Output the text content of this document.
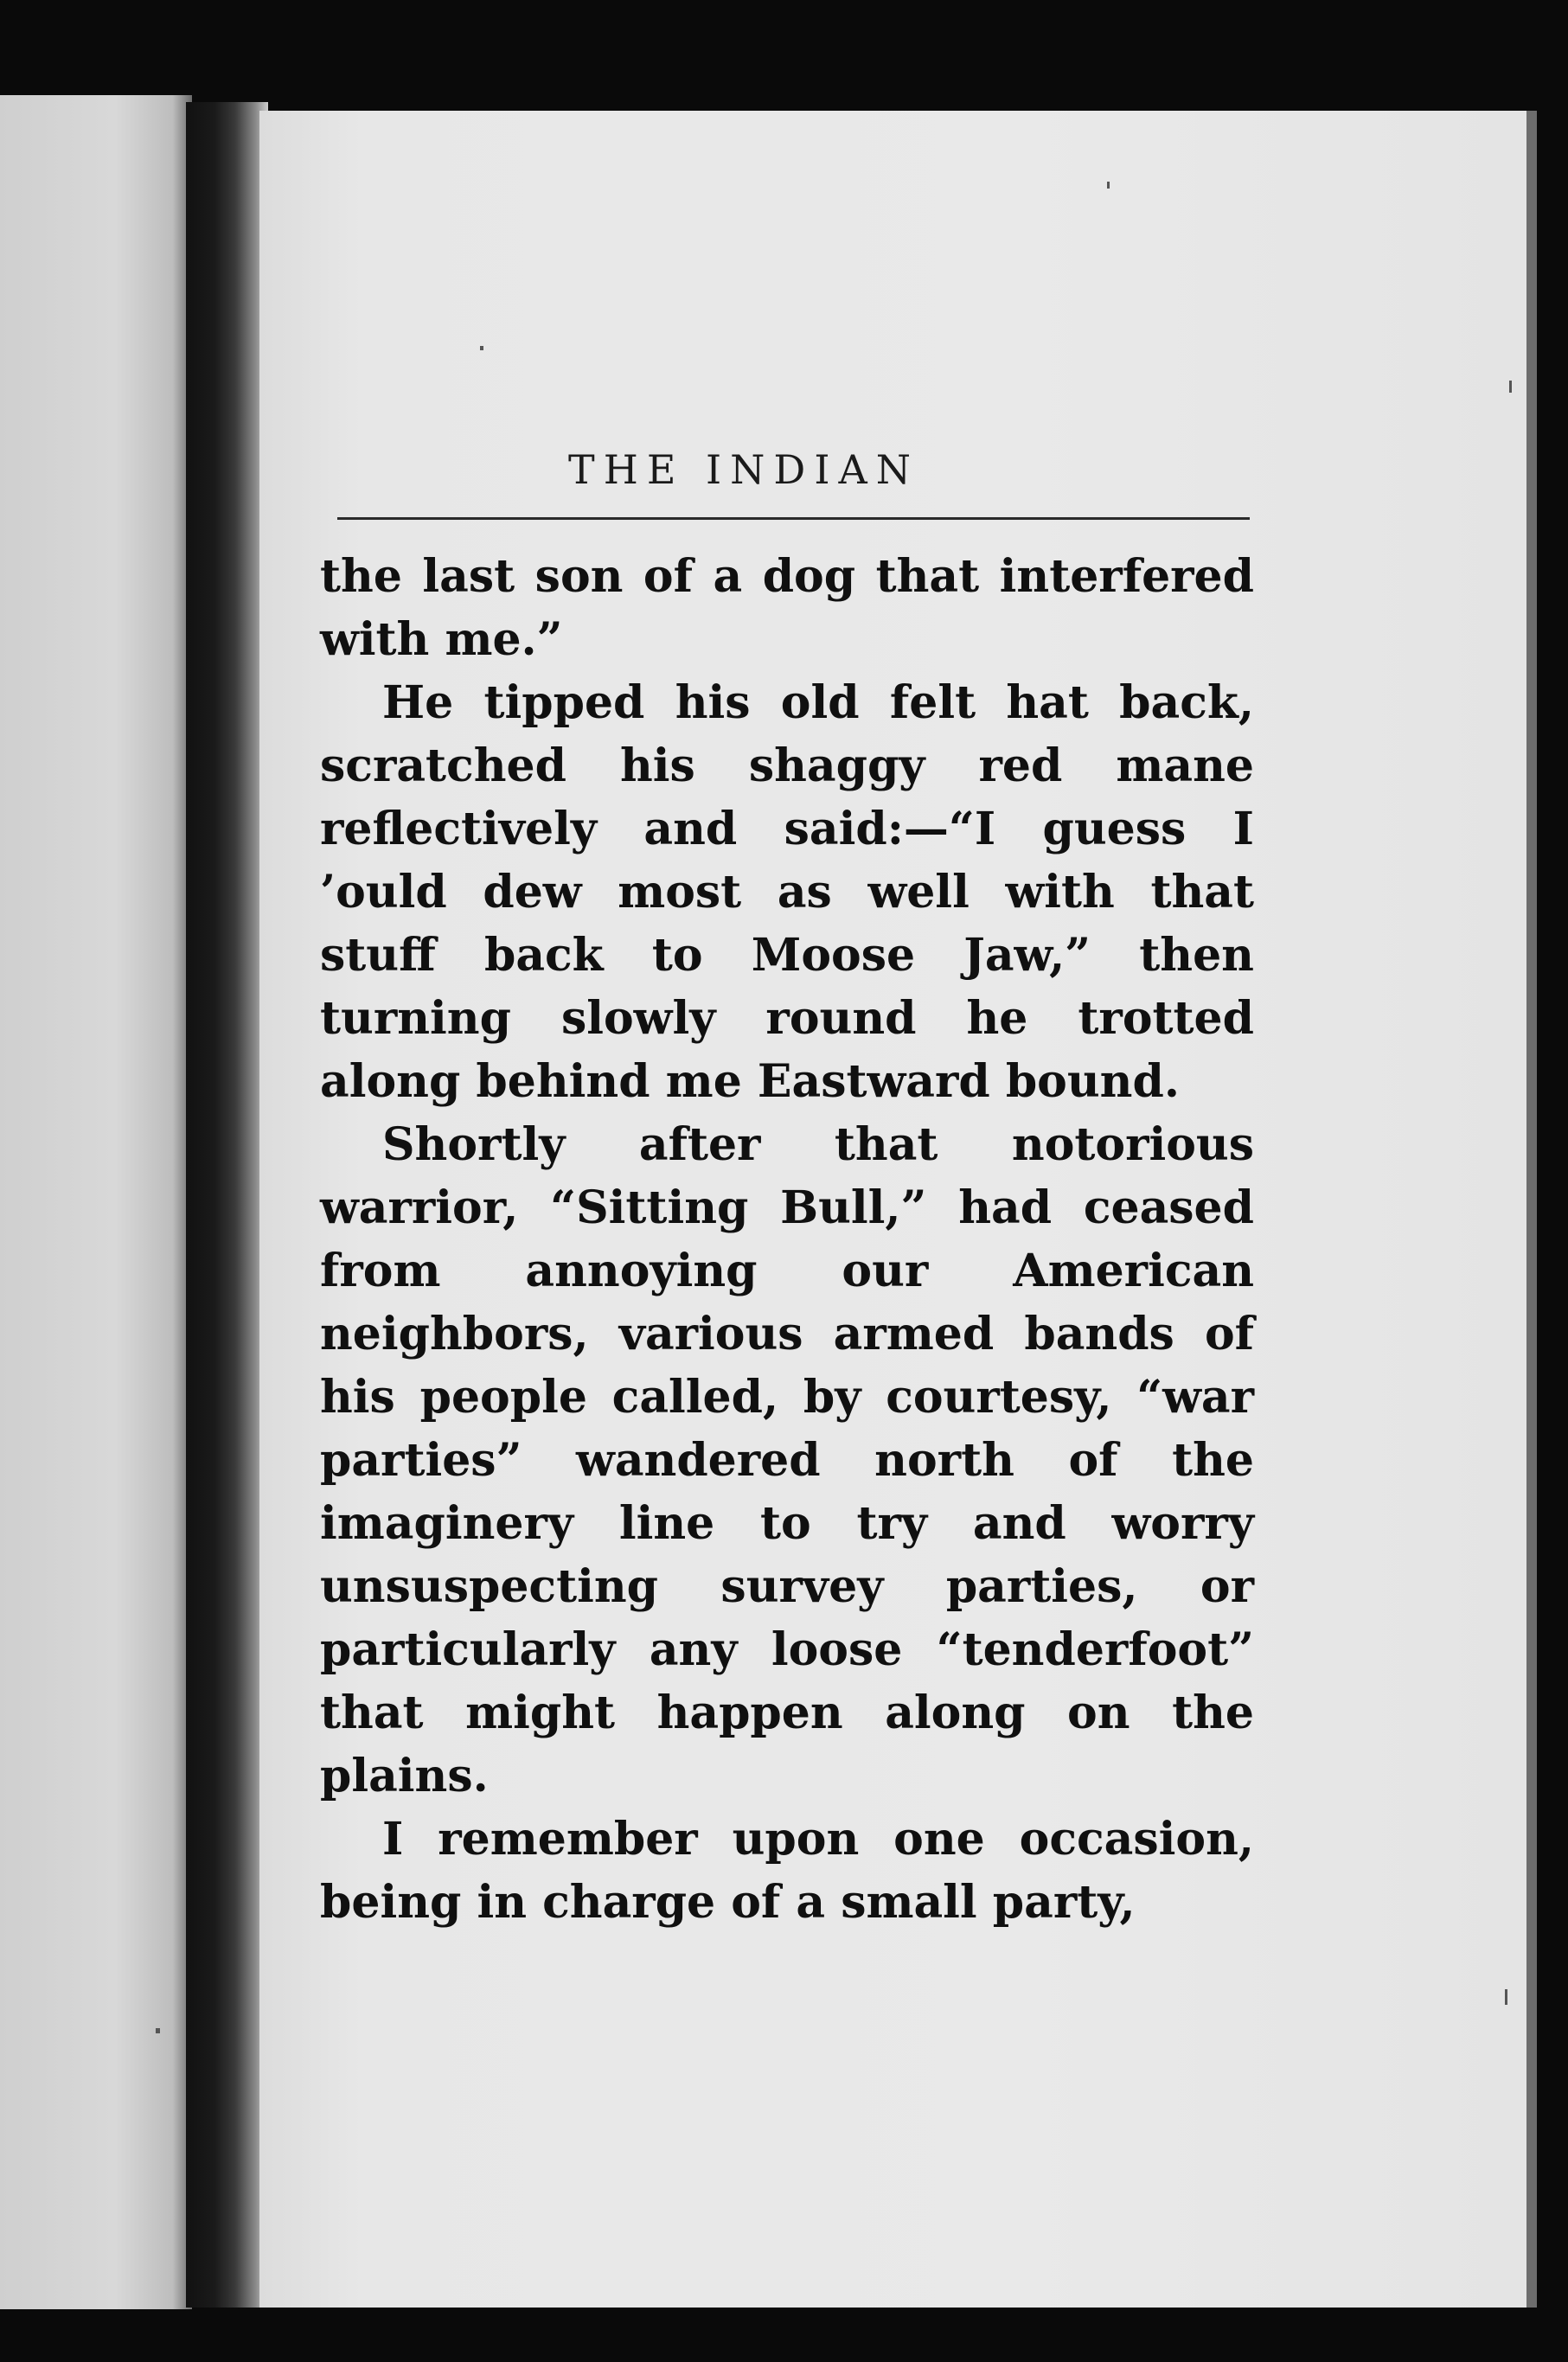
THE INDIAN

the last son of a dog that interfered with me.”

He tipped his old felt hat back, scratched his shaggy red mane reflectively and said:—“I guess I ’ould dew most as well with that stuff back to Moose Jaw,” then turning slowly round he trotted along behind me Eastward bound.

Shortly after that notorious warrior, “Sitting Bull,” had ceased from annoying our American neighbors, various armed bands of his people called, by courtesy, “war parties” wandered north of the imaginery line to try and worry unsuspecting survey parties, or particularly any loose “tenderfoot” that might happen along on the plains.

I remember upon one occasion, being in charge of a small party,
